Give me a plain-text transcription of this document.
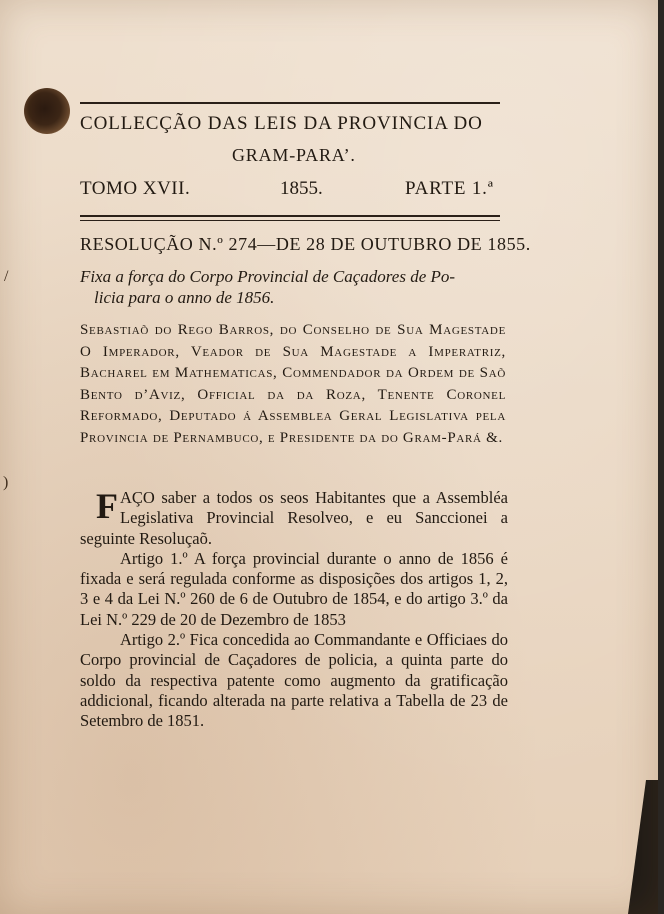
/
)
COLLECÇÃO DAS LEIS DA PROVINCIA DO
GRAM-PARA’.
TOMO XVII.	1855.	PARTE 1.ª
RESOLUÇÃO N.º 274—DE 28 DE OUTUBRO DE 1855.
Fixa a força do Corpo Provincial de Caçadores de Po-
licia para o anno de 1856.
Sebastiaõ do Rego Barros, do Conselho de Sua Magestade O Imperador, Veador de Sua Magestade a Imperatriz, Bacharel em Mathematicas, Commendador da Ordem de Saõ Bento d’Aviz, Official da da Roza, Tenente Coronel Reformado, Deputado á Assemblea Geral Legislativa pela Provincia de Pernambuco, e Presidente da do Gram-Pará &.

FAÇO saber a todos os seos Habitantes que a Assembléa Legislativa Provincial Resolveo, e eu Sanccionei a seguinte Resoluçaõ.

Artigo 1.º A força provincial durante o anno de 1856 é fixada e será regulada conforme as disposições dos artigos 1, 2, 3 e 4 da Lei N.º 260 de 6 de Outubro de 1854, e do artigo 3.º da Lei N.º 229 de 20 de Dezembro de 1853

Artigo 2.º Fica concedida ao Commandante e Officiaes do Corpo provincial de Caçadores de policia, a quinta parte do soldo da respectiva patente como augmento da gratificação addicional, ficando alterada na parte relativa a Tabella de 23 de Setembro de 1851.
